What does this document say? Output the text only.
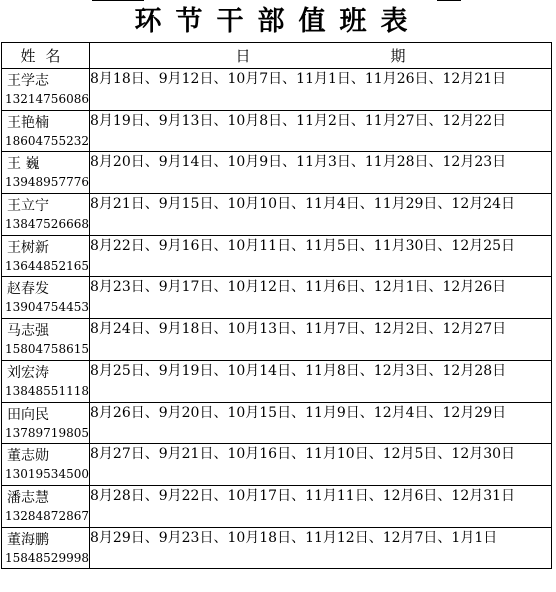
环节干部值班表
姓名	日 期

王学志
13214756086	8月18日、9月12日、10月7日、11月1日、11月26日、12月21日

王艳楠
18604755232	8月19日、9月13日、10月8日、11月2日、11月27日、12月22日

王 巍
13948957776	8月20日、9月14日、10月9日、11月3日、11月28日、12月23日

王立宁
13847526668	8月21日、9月15日、10月10日、11月4日、11月29日、12月24日

王树新
13644852165	8月22日、9月16日、10月11日、11月5日、11月30日、12月25日

赵春发
13904754453	8月23日、9月17日、10月12日、11月6日、12月1日、12月26日

马志强
15804758615	8月24日、9月18日、10月13日、11月7日、12月2日、12月27日

刘宏涛
13848551118	8月25日、9月19日、10月14日、11月8日、12月3日、12月28日

田向民
13789719805	8月26日、9月20日、10月15日、11月9日、12月4日、12月29日

董志勋
13019534500	8月27日、9月21日、10月16日、11月10日、12月5日、12月30日

潘志慧
13284872867	8月28日、9月22日、10月17日、11月11日、12月6日、12月31日

董海鹏
15848529998	8月29日、9月23日、10月18日、11月12日、12月7日、1月1日
